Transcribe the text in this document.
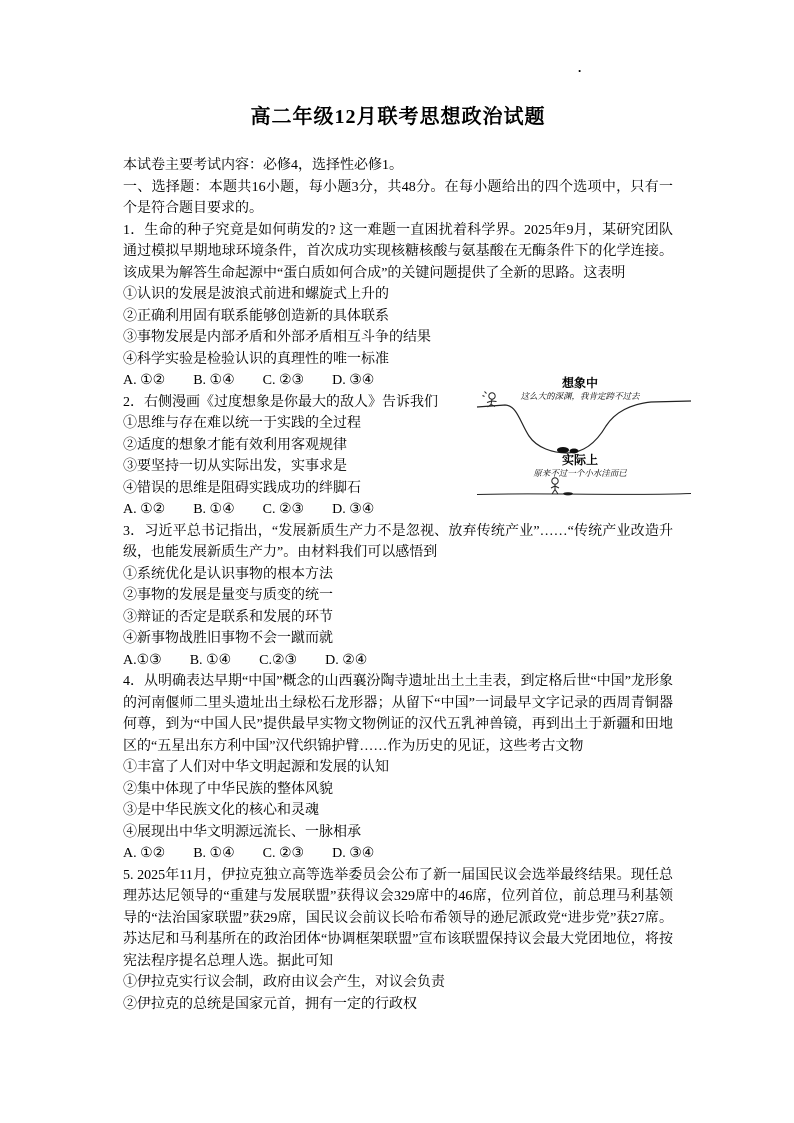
.
高二年级12月联考思想政治试题

本试卷主要考试内容：必修4，选择性必修1。

一、选择题：本题共16小题，每小题3分，共48分。在每小题给出的四个选项中，只有一个是符合题目要求的。

1．生命的种子究竟是如何萌发的? 这一难题一直困扰着科学界。2025年9月，某研究团队通过模拟早期地球环境条件，首次成功实现核糖核酸与氨基酸在无酶条件下的化学连接。该成果为解答生命起源中“蛋白质如何合成”的关键问题提供了全新的思路。这表明

①认识的发展是波浪式前进和螺旋式上升的

②正确利用固有联系能够创造新的具体联系

③事物发展是内部矛盾和外部矛盾相互斗争的结果

④科学实验是检验认识的真理性的唯一标准

A. ①②　　B. ①④　　C. ②③　　D. ③④

2．右侧漫画《过度想象是你最大的敌人》告诉我们

①思维与存在难以统一于实践的全过程

②适度的想象才能有效利用客观规律

③要坚持一切从实际出发，实事求是

④错误的思维是阻碍实践成功的绊脚石

A. ①②　　B. ①④　　C. ②③　　D. ③④

想象中
这么大的深渊，我肯定跨不过去
实际上
原来不过一个小水洼而已

3．习近平总书记指出，“发展新质生产力不是忽视、放弃传统产业”……“传统产业改造升级，也能发展新质生产力”。由材料我们可以感悟到

①系统优化是认识事物的根本方法

②事物的发展是量变与质变的统一

③辩证的否定是联系和发展的环节

④新事物战胜旧事物不会一蹴而就

A.①③　　B. ①④　　C.②③　　D. ②④

4．从明确表达早期“中国”概念的山西襄汾陶寺遗址出土土圭表，到定格后世“中国”龙形象的河南偃师二里头遗址出土绿松石龙形器；从留下“中国”一词最早文字记录的西周青铜器何尊，到为“中国人民”提供最早实物文物例证的汉代五乳神兽镜，再到出土于新疆和田地区的“五星出东方利中国”汉代织锦护臂……作为历史的见证，这些考古文物

①丰富了人们对中华文明起源和发展的认知

②集中体现了中华民族的整体风貌

③是中华民族文化的核心和灵魂

④展现出中华文明源远流长、一脉相承

A. ①②　　B. ①④　　C. ②③　　D. ③④

5. 2025年11月，伊拉克独立高等选举委员会公布了新一届国民议会选举最终结果。现任总理苏达尼领导的“重建与发展联盟”获得议会329席中的46席，位列首位，前总理马利基领导的“法治国家联盟”获29席，国民议会前议长哈布希领导的逊尼派政党“进步党”获27席。苏达尼和马利基所在的政治团体“协调框架联盟”宣布该联盟保持议会最大党团地位，将按宪法程序提名总理人选。据此可知

①伊拉克实行议会制，政府由议会产生，对议会负责

②伊拉克的总统是国家元首，拥有一定的行政权
